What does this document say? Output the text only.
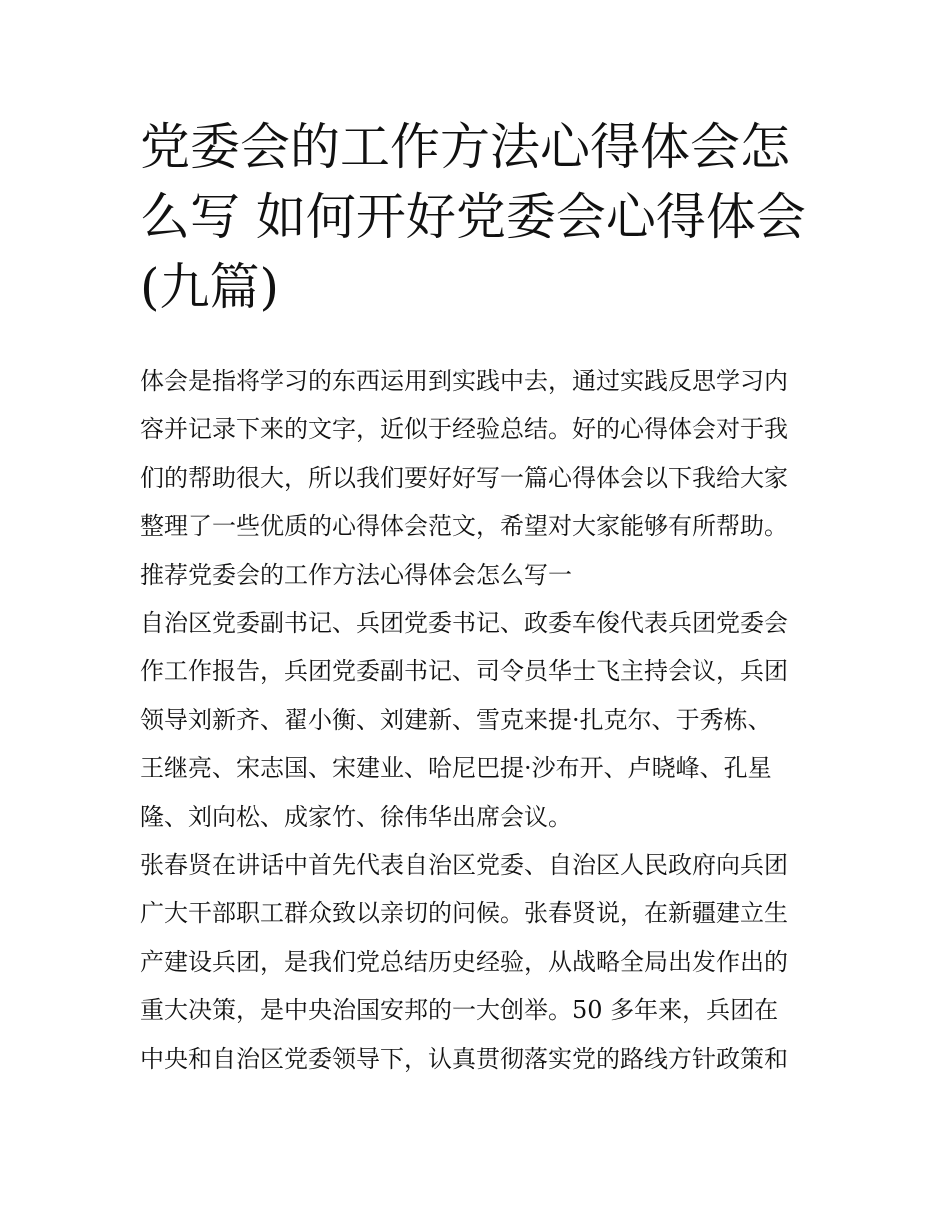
党委会的工作方法心得体会怎
么写 如何开好党委会心得体会
(九篇)
体会是指将学习的东西运用到实践中去，通过实践反思学习内
容并记录下来的文字，近似于经验总结。好的心得体会对于我
们的帮助很大，所以我们要好好写一篇心得体会以下我给大家
整理了一些优质的心得体会范文，希望对大家能够有所帮助。
推荐党委会的工作方法心得体会怎么写一
自治区党委副书记、兵团党委书记、政委车俊代表兵团党委会
作工作报告，兵团党委副书记、司令员华士飞主持会议，兵团
领导刘新齐、翟小衡、刘建新、雪克来提·扎克尔、于秀栋、
王继亮、宋志国、宋建业、哈尼巴提·沙布开、卢晓峰、孔星
隆、刘向松、成家竹、徐伟华出席会议。
张春贤在讲话中首先代表自治区党委、自治区人民政府向兵团
广大干部职工群众致以亲切的问候。张春贤说，在新疆建立生
产建设兵团，是我们党总结历史经验，从战略全局出发作出的
重大决策，是中央治国安邦的一大创举。50 多年来，兵团在
中央和自治区党委领导下，认真贯彻落实党的路线方针政策和
